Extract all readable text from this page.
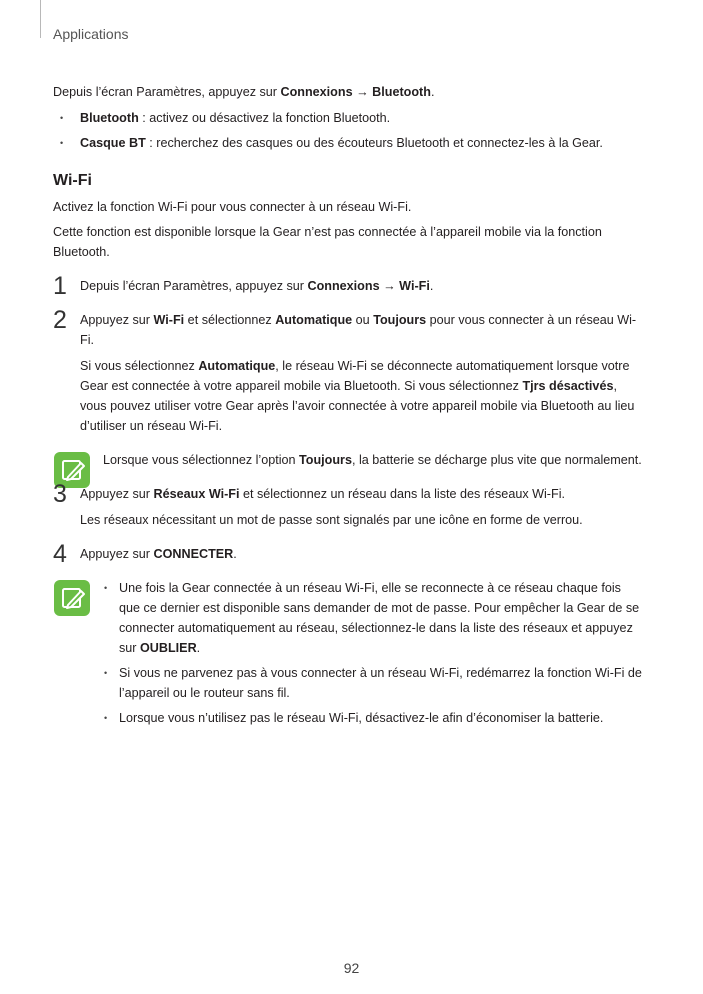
Applications

Depuis l’écran Paramètres, appuyez sur Connexions → Bluetooth.

• Bluetooth : activez ou désactivez la fonction Bluetooth.
• Casque BT : recherchez des casques ou des écouteurs Bluetooth et connectez-les à la Gear.
Wi-Fi

Activez la fonction Wi-Fi pour vous connecter à un réseau Wi-Fi.

Cette fonction est disponible lorsque la Gear n’est pas connectée à l’appareil mobile via la fonction Bluetooth.

1 Depuis l’écran Paramètres, appuyez sur Connexions → Wi-Fi.

2 Appuyez sur Wi-Fi et sélectionnez Automatique ou Toujours pour vous connecter à un réseau Wi-Fi.

Si vous sélectionnez Automatique, le réseau Wi-Fi se déconnecte automatiquement lorsque votre Gear est connectée à votre appareil mobile via Bluetooth. Si vous sélectionnez Tjrs désactivés, vous pouvez utiliser votre Gear après l’avoir connectée à votre appareil mobile via Bluetooth au lieu d’utiliser un réseau Wi-Fi.

Lorsque vous sélectionnez l’option Toujours, la batterie se décharge plus vite que normalement.

3 Appuyez sur Réseaux Wi-Fi et sélectionnez un réseau dans la liste des réseaux Wi-Fi.

Les réseaux nécessitant un mot de passe sont signalés par une icône en forme de verrou.

4 Appuyez sur CONNECTER.

• Une fois la Gear connectée à un réseau Wi-Fi, elle se reconnecte à ce réseau chaque fois que ce dernier est disponible sans demander de mot de passe. Pour empêcher la Gear de se connecter automatiquement au réseau, sélectionnez-le dans la liste des réseaux et appuyez sur OUBLIER.
• Si vous ne parvenez pas à vous connecter à un réseau Wi-Fi, redémarrez la fonction Wi-Fi de l’appareil ou le routeur sans fil.
• Lorsque vous n’utilisez pas le réseau Wi-Fi, désactivez-le afin d’économiser la batterie.
92
